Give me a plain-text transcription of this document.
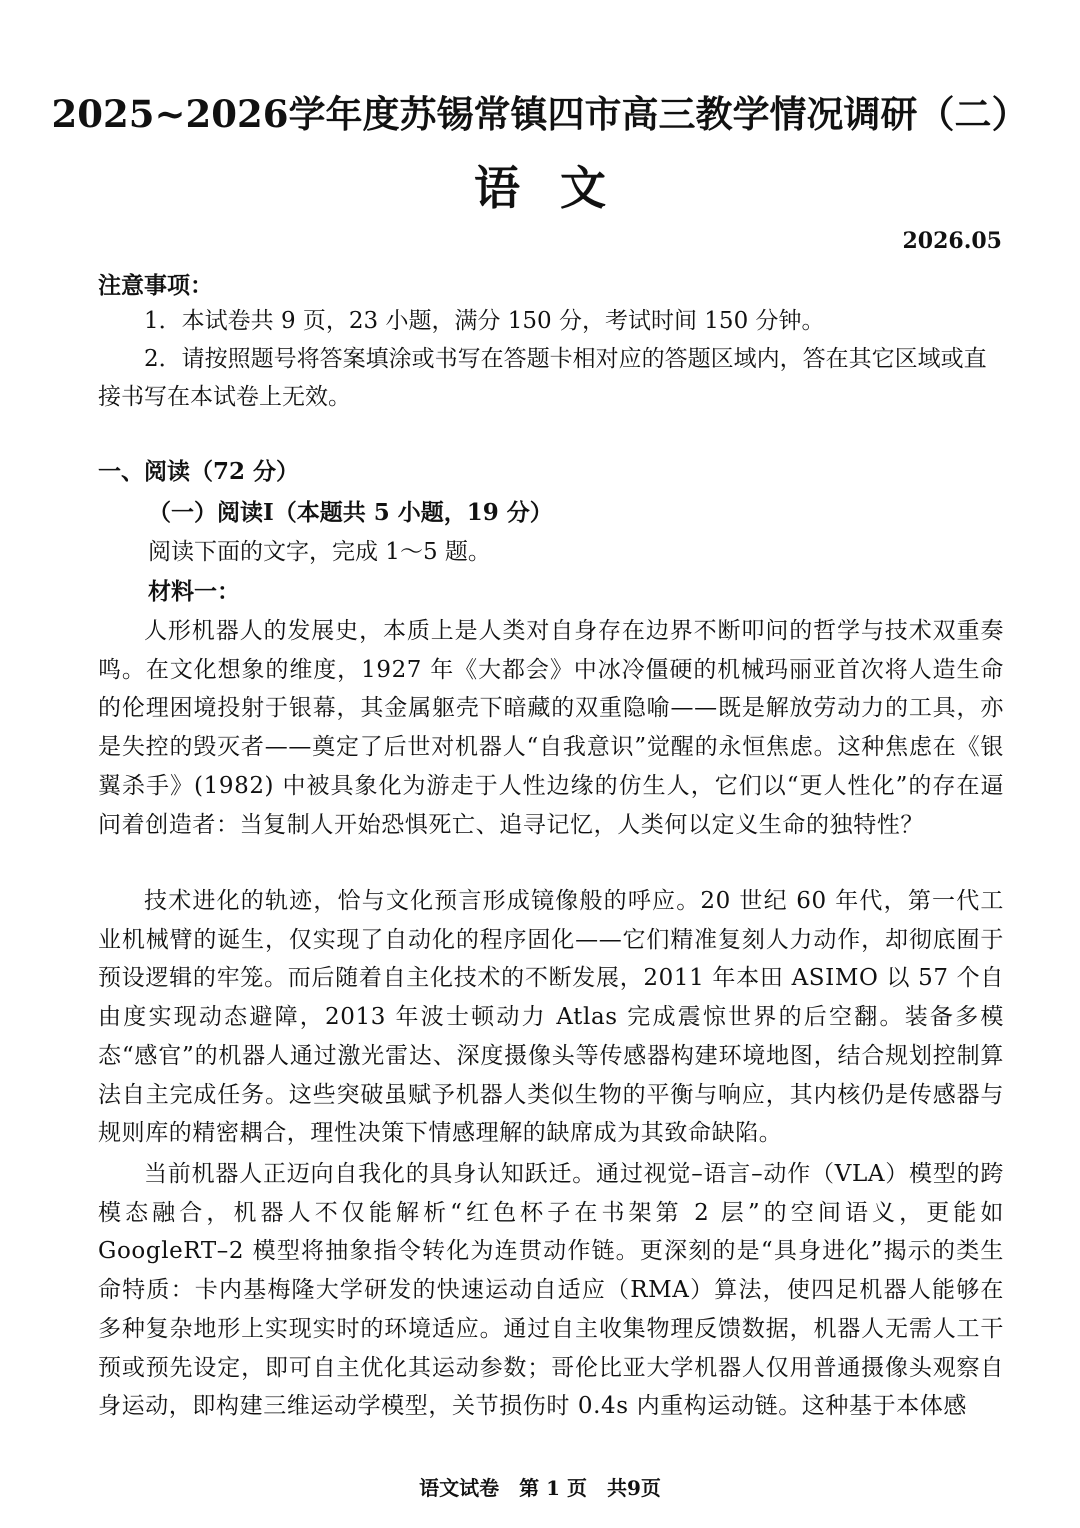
2025~2026学年度苏锡常镇四市高三教学情况调研（二）
语文
2026.05
注意事项：
1．本试卷共 9 页，23 小题，满分 150 分，考试时间 150 分钟。
2．请按照题号将答案填涂或书写在答题卡相对应的答题区域内，答在其它区域或直接书写在本试卷上无效。
一、阅读（72 分）
（一）阅读Ⅰ（本题共 5 小题，19 分）
阅读下面的文字，完成 1～5 题。
材料一：
人形机器人的发展史，本质上是人类对自身存在边界不断叩问的哲学与技术双重奏鸣。在文化想象的维度，1927 年《大都会》中冰冷僵硬的机械玛丽亚首次将人造生命的伦理困境投射于银幕，其金属躯壳下暗藏的双重隐喻——既是解放劳动力的工具，亦是失控的毁灭者——奠定了后世对机器人“自我意识”觉醒的永恒焦虑。这种焦虑在《银翼杀手》(1982) 中被具象化为游走于人性边缘的仿生人，它们以“更人性化”的存在逼问着创造者：当复制人开始恐惧死亡、追寻记忆，人类何以定义生命的独特性？
技术进化的轨迹，恰与文化预言形成镜像般的呼应。20 世纪 60 年代，第一代工业机械臂的诞生，仅实现了自动化的程序固化——它们精准复刻人力动作，却彻底囿于预设逻辑的牢笼。而后随着自主化技术的不断发展，2011 年本田 ASIMO 以 57 个自由度实现动态避障，2013 年波士顿动力 Atlas 完成震惊世界的后空翻。装备多模态“感官”的机器人通过激光雷达、深度摄像头等传感器构建环境地图，结合规划控制算法自主完成任务。这些突破虽赋予机器人类似生物的平衡与响应，其内核仍是传感器与规则库的精密耦合，理性决策下情感理解的缺席成为其致命缺陷。
当前机器人正迈向自我化的具身认知跃迁。通过视觉–语言–动作（VLA）模型的跨模态融合，机器人不仅能解析“红色杯子在书架第 2 层”的空间语义，更能如 GoogleRT–2 模型将抽象指令转化为连贯动作链。更深刻的是“具身进化”揭示的类生命特质：卡内基梅隆大学研发的快速运动自适应（RMA）算法，使四足机器人能够在多种复杂地形上实现实时的环境适应。通过自主收集物理反馈数据，机器人无需人工干预或预先设定，即可自主优化其运动参数；哥伦比亚大学机器人仅用普通摄像头观察自身运动，即构建三维运动学模型，关节损伤时 0.4s 内重构运动链。这种基于本体感
语文试卷　第 1 页　共9页
